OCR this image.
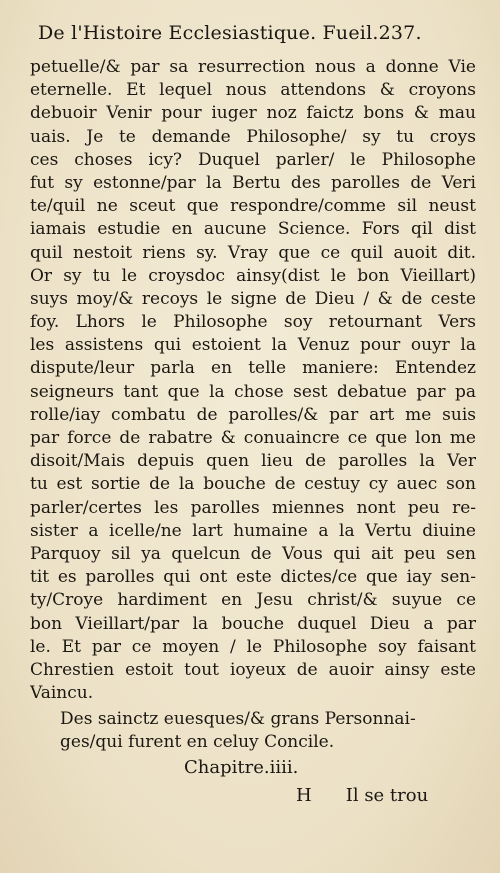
De l'Histoire Ecclesiastique. Fueil.237.
petuelle/& par sa resurrection nous a donne Vie
eternelle. Et lequel nous attendons & croyons
debuoir Venir pour iuger noz faictz bons & mau
uais. Je te demande Philosophe/ sy tu croys
ces choses icy? Duquel parler/ le Philosophe
fut sy estonne/par la Bertu des parolles de Veri
te/quil ne sceut que respondre/comme sil neust
iamais estudie en aucune Science. Fors qil dist
quil nestoit riens sy. Vray que ce quil auoit dit.
Or sy tu le croysdoc ainsy(dist le bon Vieillart)
suys moy/& recoys le signe de Dieu / & de ceste
foy. Lhors le Philosophe soy retournant Vers
les assistens qui estoient la Venuz pour ouyr la
dispute/leur parla en telle maniere: Entendez
seigneurs tant que la chose sest debatue par pa
rolle/iay combatu de parolles/& par art me suis
par force de rabatre & conuaincre ce que lon me
disoit/Mais depuis quen lieu de parolles la Ver
tu est sortie de la bouche de cestuy cy auec son
parler/certes les parolles miennes nont peu re-
sister a icelle/ne lart humaine a la Vertu diuine
Parquoy sil ya quelcun de Vous qui ait peu sen
tit es parolles qui ont este dictes/ce que iay sen-
ty/Croye hardiment en Jesu christ/& suyue ce
bon Vieillart/par la bouche duquel Dieu a par
le. Et par ce moyen / le Philosophe soy faisant
Chrestien estoit tout ioyeux de auoir ainsy este
Vaincu.
Des sainctz euesques/& grans Personnai-
ges/qui furent en celuy Concile.
Chapitre.iiii.
H Il se trou
